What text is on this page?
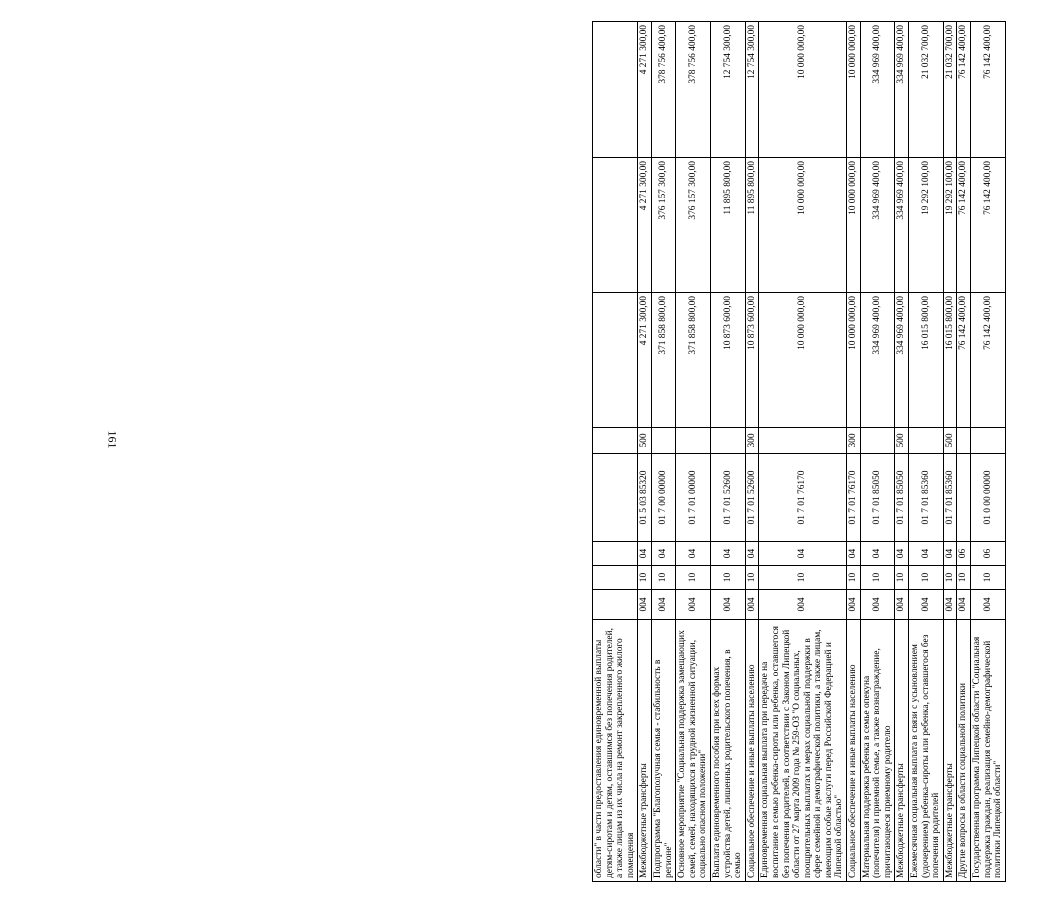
161
области" в части предоставления единовременной выплаты детям-сиротам и детям, оставшимся без попечения родителей, а также лицам из их числа на ремонт закрепленного жилого помещения								
Межбюджетные трансферты	004	10	04	01 5 03 85320	500	4 271 300,00	4 271 300,00	4 271 300,00
Подпрограмма "Благополучная семья - стабильность в регионе"	004	10	04	01 7 00 00000		371 858 800,00	376 157 300,00	378 756 400,00
Основное мероприятие "Социальная поддержка замещающих семей, семей, находящихся в трудной жизненной ситуации, социально опасном положении"	004	10	04	01 7 01 00000		371 858 800,00	376 157 300,00	378 756 400,00
Выплата единовременного пособия при всех формах устройства детей, лишенных родительского попечения, в семью	004	10	04	01 7 01 52600		10 873 600,00	11 895 800,00	12 754 300,00
Социальное обеспечение и иные выплаты населению	004	10	04	01 7 01 52600	300	10 873 600,00	11 895 800,00	12 754 300,00
Единовременная социальная выплата при передаче на воспитание в семью ребенка-сироты или ребенка, оставшегося без попечения родителей, в соответствии с Законом Липецкой области от 27 марта 2009 года № 259-ОЗ "О социальных, поощрительных выплатах и мерах социальной поддержки в сфере семейной и демографической политики, а также лицам, имеющим особые заслуги перед Российской Федерацией и Липецкой областью"	004	10	04	01 7 01 76170		10 000 000,00	10 000 000,00	10 000 000,00
Социальное обеспечение и иные выплаты населению	004	10	04	01 7 01 76170	300	10 000 000,00	10 000 000,00	10 000 000,00
Материальная поддержка ребенка в семье опекуна (попечителя) и приемной семье, а также вознаграждение, причитающееся приемному родителю	004	10	04	01 7 01 85050		334 969 400,00	334 969 400,00	334 969 400,00
Межбюджетные трансферты	004	10	04	01 7 01 85050	500	334 969 400,00	334 969 400,00	334 969 400,00
Ежемесячная социальная выплата в связи с усыновлением (удочерением) ребенка-сироты или ребенка, оставшегося без попечения родителей	004	10	04	01 7 01 85360		16 015 800,00	19 292 100,00	21 032 700,00
Межбюджетные трансферты	004	10	04	01 7 01 85360	500	16 015 800,00	19 292 100,00	21 032 700,00
Другие вопросы в области социальной политики	004	10	06			76 142 400,00	76 142 400,00	76 142 400,00
Государственная программа Липецкой области "Социальная поддержка граждан, реализация семейно-демографической политики Липецкой области"	004	10	06	01 0 00 00000		76 142 400,00	76 142 400,00	76 142 400,00
